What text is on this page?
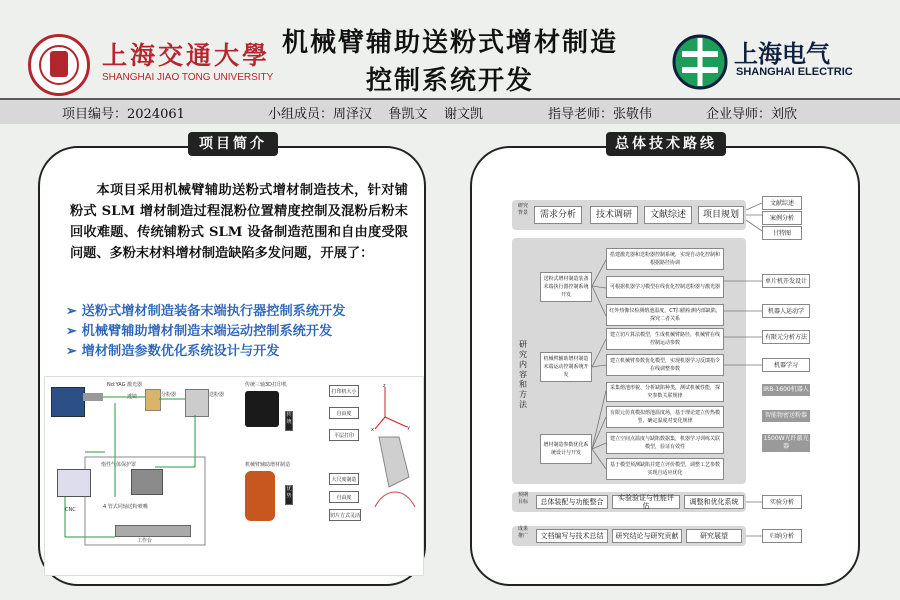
上海交通大學
SHANGHAI JIAO TONG UNIVERSITY
机械臂辅助送粉式增材制造
控制系统开发
上海电气
SHANGHAI ELECTRIC
项目编号：2024061	小组成员：周泽汉    鲁凯文    谢文凯	指导老师：张敬伟	企业导师：刘欣
项目简介
本项目采用机械臂辅助送粉式增材制造技术，针对铺粉式 SLM 增材制造过程混粉位置精度控制及混粉后粉末回收难题、传统铺粉式 SLM 设备制造范围和自由度受限问题、多粉末材料增材制造缺陷多发问题，开展了：
➢ 送粉式增材制造装备末端执行器控制系统开发
➢ 机械臂辅助增材制造末端运动控制系统开发
➢ 增材制造参数优化系统设计与开发
Nd:YAG 激光器
透镜	分粉器	送粉器
惰性气体保护罩
4 管式同轴送粉喷嘴
CNC
工作台
传统三轴3D打印机
传统
打印机大小
自由度
平层打印
机械臂辅助增材制造
优势
大尺度制造
自由度
切片方式灵活
z
y
x
总体技术路线
研究背景	需求分析	技术调研	文献综述	项目规划
文献综述
案例分析
甘特图
研究内容和方法
送粉式增材制造装备末端执行器控制系统开发
机械臂辅助增材制造末端运动控制系统开发
增材制造参数优化系统设计与开发
搭建激光器和送粉器控制系统，实现自动化控制和根据路径协调
可根据机器学习模型在线优化控制送粉器与激光器
红外热像仪检测熔池温度，CT扫描检测内部缺陷，探究二者关系
建立切片算法模型，生成机械臂路径，机械臂在线控制运动参数
建立机械臂参数优化模型，实现机器学习反馈指令在线调整参数
采集熔池形貌、分析缺陷种类，测试机械性能，探究参数关联规律
有限元仿真模拟熔池温度场，基于理论建立传热模型，确定温度对变化规律
建立空间点温度与缺陷数据集，机器学习训练关联模型，验证有效性
基于模型预测缺陷并建立评价模型，调整工艺参数实现自适应优化
单片机开发设计
机器人运动学
有限元分析方法
机器学习
IRB-1600机器人
智能物密送粉器
1500W光纤激光器
预期目标	总体装配与功能整合	实验验证与性能评估	调整和优化系统	实验分析
成果推广	文档编写与技术总结	研究结论与研究贡献	研究展望	归纳分析
